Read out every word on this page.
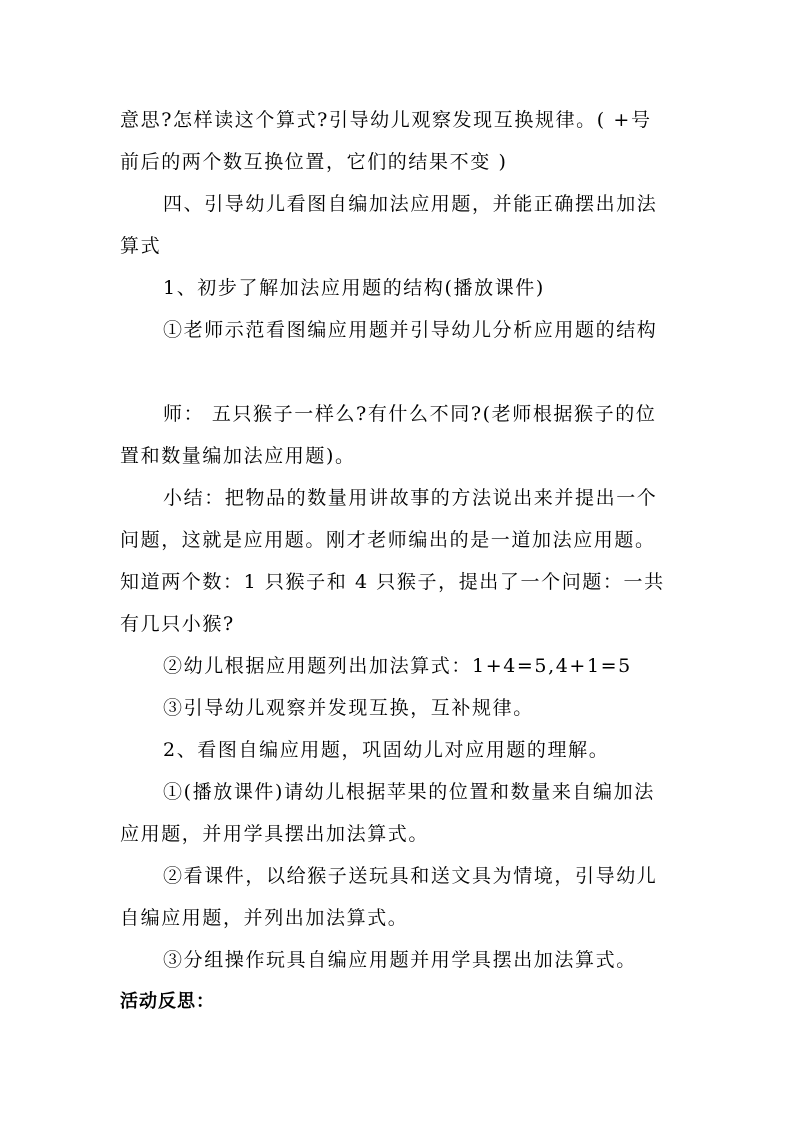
意思?怎样读这个算式?引导幼儿观察发现互换规律。( +号
前后的两个数互换位置，它们的结果不变 )
四、引导幼儿看图自编加法应用题，并能正确摆出加法
算式
1、初步了解加法应用题的结构(播放课件)
①老师示范看图编应用题并引导幼儿分析应用题的结构
师： 五只猴子一样么?有什么不同?(老师根据猴子的位
置和数量编加法应用题)。
小结：把物品的数量用讲故事的方法说出来并提出一个
问题，这就是应用题。刚才老师编出的是一道加法应用题。
知道两个数：1 只猴子和 4 只猴子，提出了一个问题：一共
有几只小猴?
②幼儿根据应用题列出加法算式：1+4=5,4+1=5
③引导幼儿观察并发现互换，互补规律。
2、看图自编应用题，巩固幼儿对应用题的理解。
①(播放课件)请幼儿根据苹果的位置和数量来自编加法
应用题，并用学具摆出加法算式。
②看课件，以给猴子送玩具和送文具为情境，引导幼儿
自编应用题，并列出加法算式。
③分组操作玩具自编应用题并用学具摆出加法算式。
活动反思：
